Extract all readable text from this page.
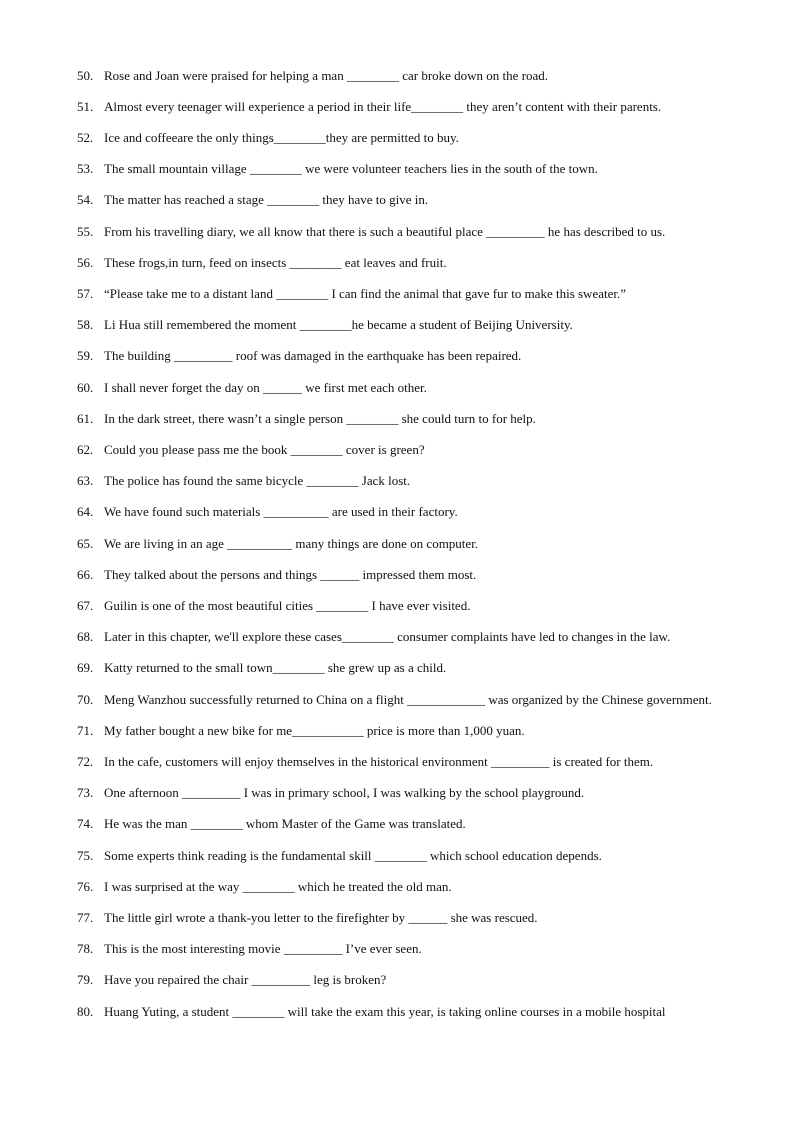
50. Rose and Joan were praised for helping a man ________ car broke down on the road.

51. Almost every teenager will experience a period in their life________ they aren’t content with their parents.

52. Ice and coffeeare the only things________they are permitted to buy.

53. The small mountain village ________ we were volunteer teachers lies in the south of the town.

54. The matter has reached a stage ________ they have to give in.

55. From his travelling diary, we all know that there is such a beautiful place _________ he has described to us.

56. These frogs,in turn, feed on insects ________ eat leaves and fruit.

57. “Please take me to a distant land ________ I can find the animal that gave fur to make this sweater.”

58. Li Hua still remembered the moment ________he became a student of Beijing University.

59. The building _________ roof was damaged in the earthquake has been repaired.

60. I shall never forget the day on ______ we first met each other.

61. In the dark street, there wasn’t a single person ________ she could turn to for help.

62. Could you please pass me the book ________ cover is green?

63. The police has found the same bicycle ________ Jack lost.

64. We have found such materials __________ are used in their factory.

65. We are living in an age __________ many things are done on computer.

66. They talked about the persons and things ______ impressed them most.

67. Guilin is one of the most beautiful cities ________ I have ever visited.

68. Later in this chapter, we'll explore these cases________ consumer complaints have led to changes in the law.

69. Katty returned to the small town________ she grew up as a child.

70. Meng Wanzhou successfully returned to China on a flight ____________ was organized by the Chinese government.

71. My father bought a new bike for me___________ price is more than 1,000 yuan.

72. In the cafe, customers will enjoy themselves in the historical environment _________ is created for them.

73. One afternoon _________ I was in primary school, I was walking by the school playground.

74. He was the man ________ whom Master of the Game was translated.

75. Some experts think reading is the fundamental skill ________ which school education depends.

76. I was surprised at the way ________ which he treated the old man.

77. The little girl wrote a thank-you letter to the firefighter by ______ she was rescued.

78. This is the most interesting movie _________ I’ve ever seen.

79. Have you repaired the chair _________ leg is broken?

80. Huang Yuting, a student ________ will take the exam this year, is taking online courses in a mobile hospital
